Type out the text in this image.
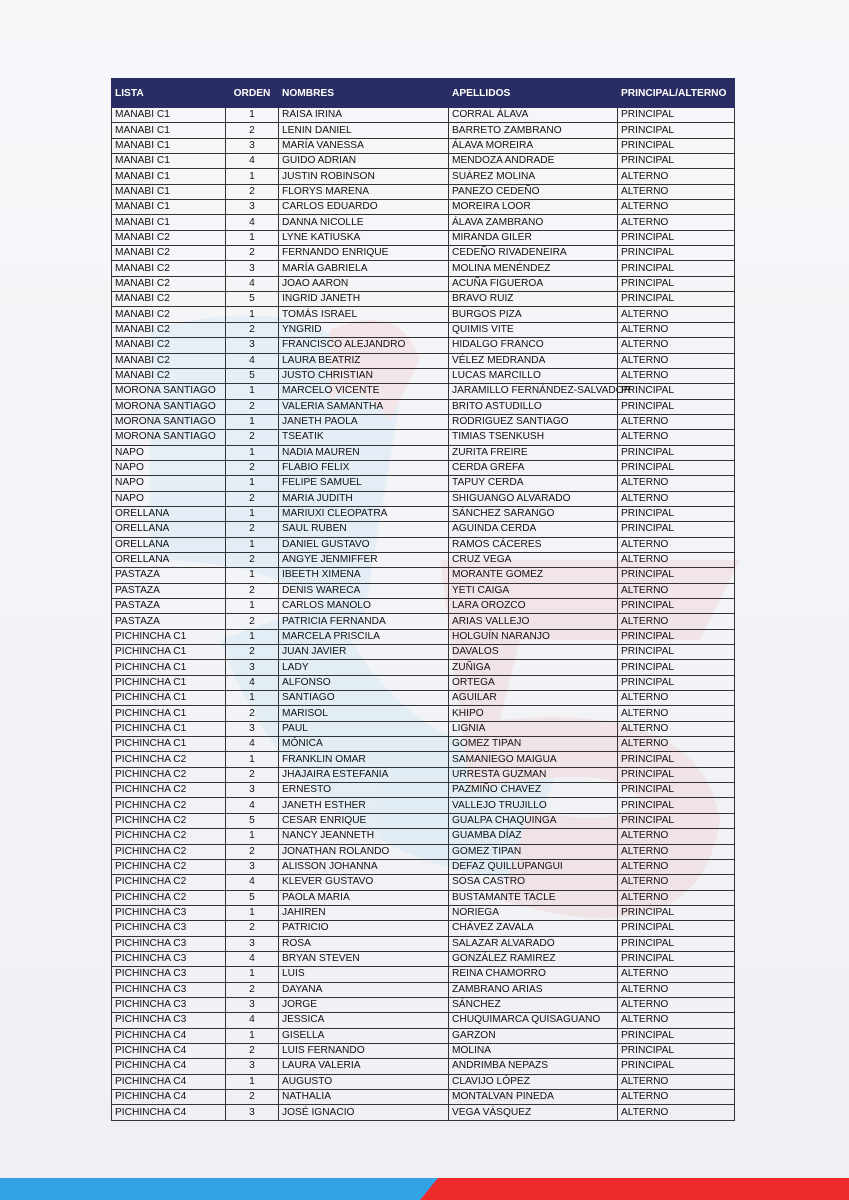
LISTA	ORDEN	NOMBRES	APELLIDOS	PRINCIPAL/ALTERNO
MANABI C1	1	RAISA IRINA	CORRAL ÁLAVA	PRINCIPAL
MANABI C1	2	LENIN DANIEL	BARRETO ZAMBRANO	PRINCIPAL
MANABI C1	3	MARÍA VANESSA	ÁLAVA MOREIRA	PRINCIPAL
MANABI C1	4	GUIDO ADRIAN	MENDOZA ANDRADE	PRINCIPAL
MANABI C1	1	JUSTIN ROBINSON	SUÁREZ MOLINA	ALTERNO
MANABI C1	2	FLORYS MARENA	PANEZO CEDEÑO	ALTERNO
MANABI C1	3	CARLOS EDUARDO	MOREIRA LOOR	ALTERNO
MANABI C1	4	DANNA NICOLLE	ÁLAVA ZAMBRANO	ALTERNO
MANABI C2	1	LYNE KATIUSKA	MIRANDA GILER	PRINCIPAL
MANABI C2	2	FERNANDO ENRIQUE	CEDEÑO RIVADENEIRA	PRINCIPAL
MANABI C2	3	MARÍA GABRIELA	MOLINA MENÉNDEZ	PRINCIPAL
MANABI C2	4	JOAO AARON	ACUÑA FIGUEROA	PRINCIPAL
MANABI C2	5	INGRID JANETH	BRAVO RUIZ	PRINCIPAL
MANABI C2	1	TOMÁS ISRAEL	BURGOS PIZA	ALTERNO
MANABI C2	2	YNGRID	QUIMIS VITE	ALTERNO
MANABI C2	3	FRANCISCO ALEJANDRO	HIDALGO FRANCO	ALTERNO
MANABI C2	4	LAURA BEATRIZ	VÉLEZ MEDRANDA	ALTERNO
MANABI C2	5	JUSTO CHRISTIAN	LUCAS MARCILLO	ALTERNO
MORONA SANTIAGO	1	MARCELO VICENTE	JARAMILLO FERNÁNDEZ-SALVADOR	PRINCIPAL
MORONA SANTIAGO	2	VALERIA SAMANTHA	BRITO ASTUDILLO	PRINCIPAL
MORONA SANTIAGO	1	JANETH PAOLA	RODRIGUEZ SANTIAGO	ALTERNO
MORONA SANTIAGO	2	TSEATIK	TIMIAS TSENKUSH	ALTERNO
NAPO	1	NADIA MAUREN	ZURITA FREIRE	PRINCIPAL
NAPO	2	FLABIO FELIX	CERDA GREFA	PRINCIPAL
NAPO	1	FELIPE SAMUEL	TAPUY CERDA	ALTERNO
NAPO	2	MARIA JUDITH	SHIGUANGO ALVARADO	ALTERNO
ORELLANA	1	MARIUXI CLEOPATRA	SÁNCHEZ SARANGO	PRINCIPAL
ORELLANA	2	SAUL RUBEN	AGUINDA CERDA	PRINCIPAL
ORELLANA	1	DANIEL GUSTAVO	RAMOS CÁCERES	ALTERNO
ORELLANA	2	ANGYE JENMIFFER	CRUZ VEGA	ALTERNO
PASTAZA	1	IBEETH XIMENA	MORANTE GOMEZ	PRINCIPAL
PASTAZA	2	DENIS WARECA	YETI CAIGA	ALTERNO
PASTAZA	1	CARLOS MANOLO	LARA OROZCO	PRINCIPAL
PASTAZA	2	PATRICIA FERNANDA	ARIAS VALLEJO	ALTERNO
PICHINCHA C1	1	MARCELA PRISCILA	HOLGUÍN NARANJO	PRINCIPAL
PICHINCHA C1	2	JUAN JAVIER	DAVALOS	PRINCIPAL
PICHINCHA C1	3	LADY	ZUÑIGA	PRINCIPAL
PICHINCHA C1	4	ALFONSO	ORTEGA	PRINCIPAL
PICHINCHA C1	1	SANTIAGO	AGUILAR	ALTERNO
PICHINCHA C1	2	MARISOL	KHIPO	ALTERNO
PICHINCHA C1	3	PAUL	LIGNIA	ALTERNO
PICHINCHA C1	4	MÓNICA	GOMEZ TIPAN	ALTERNO
PICHINCHA C2	1	FRANKLIN OMAR	SAMANIEGO MAIGUA	PRINCIPAL
PICHINCHA C2	2	JHAJAIRA ESTEFANIA	URRESTA GUZMAN	PRINCIPAL
PICHINCHA C2	3	ERNESTO	PAZMIÑO CHAVEZ	PRINCIPAL
PICHINCHA C2	4	JANETH ESTHER	VALLEJO TRUJILLO	PRINCIPAL
PICHINCHA C2	5	CESAR ENRIQUE	GUALPA CHAQUINGA	PRINCIPAL
PICHINCHA C2	1	NANCY JEANNETH	GUAMBA DÍAZ	ALTERNO
PICHINCHA C2	2	JONATHAN ROLANDO	GOMEZ TIPAN	ALTERNO
PICHINCHA C2	3	ALISSON JOHANNA	DEFAZ QUILLUPANGUI	ALTERNO
PICHINCHA C2	4	KLEVER GUSTAVO	SOSA CASTRO	ALTERNO
PICHINCHA C2	5	PAOLA MARIA	BUSTAMANTE TACLE	ALTERNO
PICHINCHA C3	1	JAHIREN	NORIEGA	PRINCIPAL
PICHINCHA C3	2	PATRICIO	CHÁVEZ ZAVALA	PRINCIPAL
PICHINCHA C3	3	ROSA	SALAZAR ALVARADO	PRINCIPAL
PICHINCHA C3	4	BRYAN STEVEN	GONZÁLEZ RAMIREZ	PRINCIPAL
PICHINCHA C3	1	LUIS	REINA CHAMORRO	ALTERNO
PICHINCHA C3	2	DAYANA	ZAMBRANO ARIAS	ALTERNO
PICHINCHA C3	3	JORGE	SÁNCHEZ	ALTERNO
PICHINCHA C3	4	JESSICA	CHUQUIMARCA QUISAGUANO	ALTERNO
PICHINCHA C4	1	GISELLA	GARZON	PRINCIPAL
PICHINCHA C4	2	LUIS FERNANDO	MOLINA	PRINCIPAL
PICHINCHA C4	3	LAURA VALERIA	ANDRIMBA NEPAZS	PRINCIPAL
PICHINCHA C4	1	AUGUSTO	CLAVIJO LÓPEZ	ALTERNO
PICHINCHA C4	2	NATHALIA	MONTALVAN PINEDA	ALTERNO
PICHINCHA C4	3	JOSÉ IGNACIO	VEGA VÁSQUEZ	ALTERNO
